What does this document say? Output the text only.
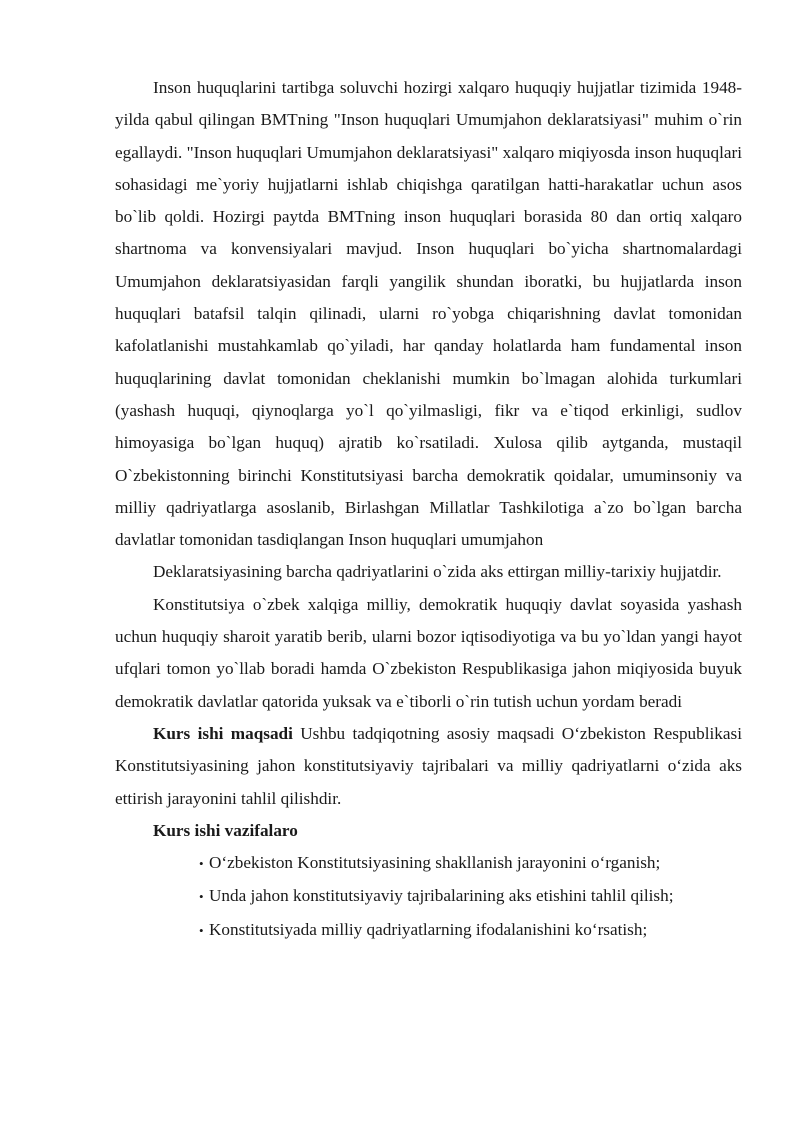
Inson huquqlarini tartibga soluvchi hozirgi xalqaro huquqiy hujjatlar tizimida 1948- yilda qabul qilingan BMTning "Inson huquqlari Umumjahon deklaratsiyasi" muhim o`rin egallaydi. "Inson huquqlari Umumjahon deklaratsiyasi" xalqaro miqiyosda inson huquqlari sohasidagi me`yoriy hujjatlarni ishlab chiqishga qaratilgan hatti-harakatlar uchun asos bo`lib qoldi. Hozirgi paytda BMTning inson huquqlari borasida 80 dan ortiq xalqaro shartnoma va konvensiyalari mavjud. Inson huquqlari bo`yicha shartnomalardagi Umumjahon deklaratsiyasidan farqli yangilik shundan iboratki, bu hujjatlarda inson huquqlari batafsil talqin qilinadi, ularni ro`yobga chiqarishning davlat tomonidan kafolatlanishi mustahkamlab qo`yiladi, har qanday holatlarda ham fundamental inson huquqlarining davlat tomonidan cheklanishi mumkin bo`lmagan alohida turkumlari (yashash huquqi, qiynoqlarga yo`l qo`yilmasligi, fikr va e`tiqod erkinligi, sudlov himoyasiga bo`lgan huquq) ajratib ko`rsatiladi. Xulosa qilib aytganda, mustaqil O`zbekistonning birinchi Konstitutsiyasi barcha demokratik qoidalar, umuminsoniy va milliy qadriyatlarga asoslanib, Birlashgan Millatlar Tashkilotiga a`zo bo`lgan barcha davlatlar tomonidan tasdiqlangan Inson huquqlari umumjahon

Deklaratsiyasining barcha qadriyatlarini o`zida aks ettirgan milliy-tarixiy hujjatdir.

Konstitutsiya o`zbek xalqiga milliy, demokratik huquqiy davlat soyasida yashash uchun huquqiy sharoit yaratib berib, ularni bozor iqtisodiyotiga va bu yo`ldan yangi hayot ufqlari tomon yo`llab boradi hamda O`zbekiston Respublikasiga jahon miqiyosida buyuk demokratik davlatlar qatorida yuksak va e`tiborli o`rin tutish uchun yordam beradi

Kurs ishi maqsadi Ushbu tadqiqotning asosiy maqsadi O‘zbekiston Respublikasi Konstitutsiyasining jahon konstitutsiyaviy tajribalari va milliy qadriyatlarni o‘zida aks ettirish jarayonini tahlil qilishdir.

Kurs ishi vazifalaro

• O‘zbekiston Konstitutsiyasining shakllanish jarayonini o‘rganish;
• Unda jahon konstitutsiyaviy tajribalarining aks etishini tahlil qilish;
• Konstitutsiyada milliy qadriyatlarning ifodalanishini ko‘rsatish;
